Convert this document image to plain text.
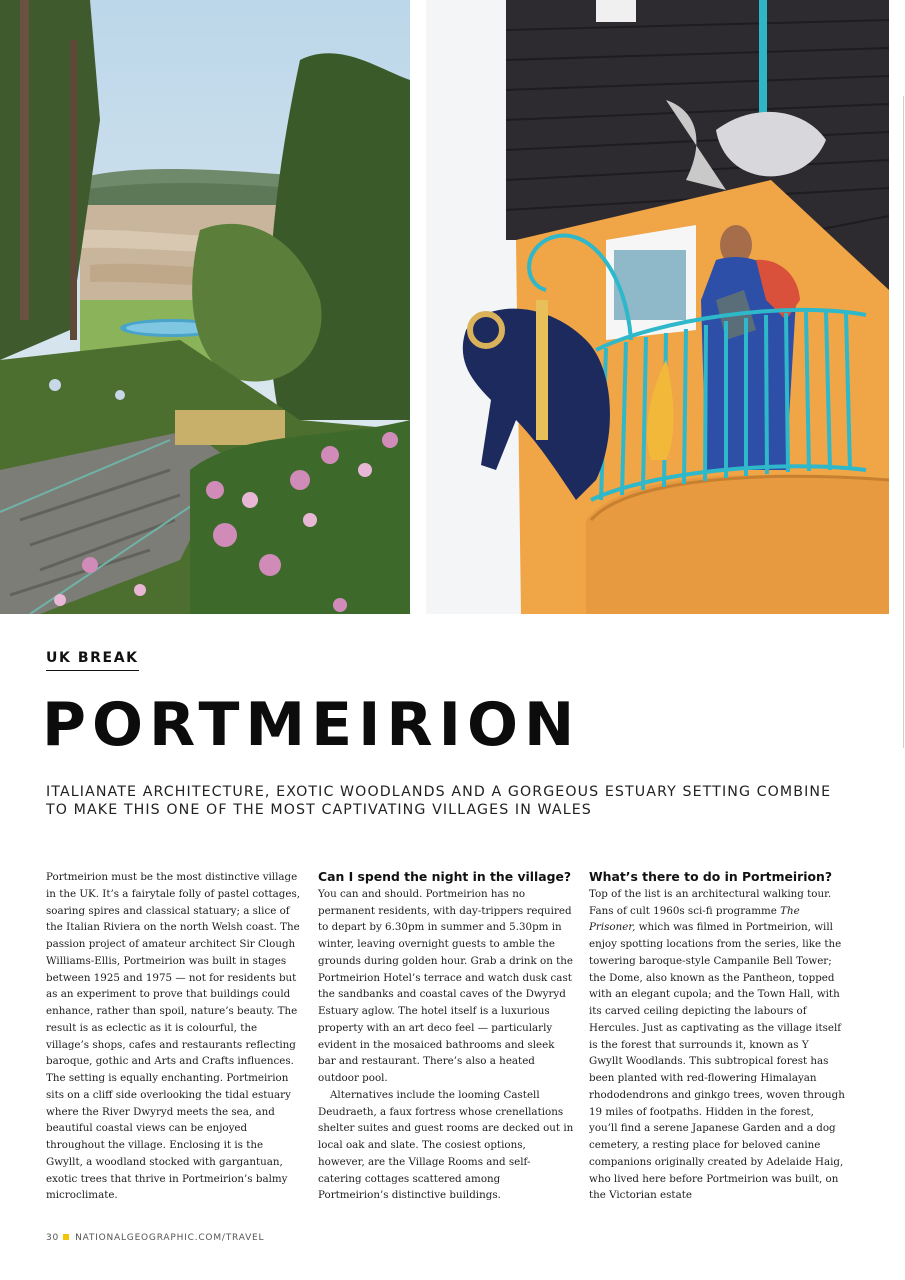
UK BREAK
PORTMEIRION
ITALIANATE ARCHITECTURE, EXOTIC WOODLANDS AND A GORGEOUS ESTUARY SETTING COMBINE TO MAKE THIS ONE OF THE MOST CAPTIVATING VILLAGES IN WALES

Portmeirion must be the most distinctive village in the UK. It’s a fairytale folly of pastel cottages, soaring spires and classical statuary; a slice of the Italian Riviera on the north Welsh coast. The passion project of amateur architect Sir Clough Williams-Ellis, Portmeirion was built in stages between 1925 and 1975 — not for residents but as an experiment to prove that buildings could enhance, rather than spoil, nature’s beauty. The result is as eclectic as it is colourful, the village’s shops, cafes and restaurants reflecting baroque, gothic and Arts and Crafts influences. The setting is equally enchanting. Portmeirion sits on a cliff side overlooking the tidal estuary where the River Dwyryd meets the sea, and beautiful coastal views can be enjoyed throughout the village. Enclosing it is the Gwyllt, a woodland stocked with gargantuan, exotic trees that thrive in Portmeirion’s balmy microclimate.

Can I spend the night in the village?

You can and should. Portmeirion has no permanent residents, with day-trippers required to depart by 6.30pm in summer and 5.30pm in winter, leaving overnight guests to amble the grounds during golden hour. Grab a drink on the Portmeirion Hotel’s terrace and watch dusk cast the sandbanks and coastal caves of the Dwyryd Estuary aglow. The hotel itself is a luxurious property with an art deco feel — particularly evident in the mosaiced bathrooms and sleek bar and restaurant. There’s also a heated outdoor pool.

Alternatives include the looming Castell Deudraeth, a faux fortress whose crenellations shelter suites and guest rooms are decked out in local oak and slate. The cosiest options, however, are the Village Rooms and self-catering cottages scattered among Portmeirion’s distinctive buildings.

What’s there to do in Portmeirion?

Top of the list is an architectural walking tour. Fans of cult 1960s sci-fi programme The Prisoner, which was filmed in Portmeirion, will enjoy spotting locations from the series, like the towering baroque-style Campanile Bell Tower; the Dome, also known as the Pantheon, topped with an elegant cupola; and the Town Hall, with its carved ceiling depicting the labours of Hercules. Just as captivating as the village itself is the forest that surrounds it, known as Y Gwyllt Woodlands. This subtropical forest has been planted with red-flowering Himalayan rhododendrons and ginkgo trees, woven through 19 miles of footpaths. Hidden in the forest, you’ll find a serene Japanese Garden and a dog cemetery, a resting place for beloved canine companions originally created by Adelaide Haig, who lived here before Portmeirion was built, on the Victorian estate

30 NATIONALGEOGRAPHIC.COM/TRAVEL
